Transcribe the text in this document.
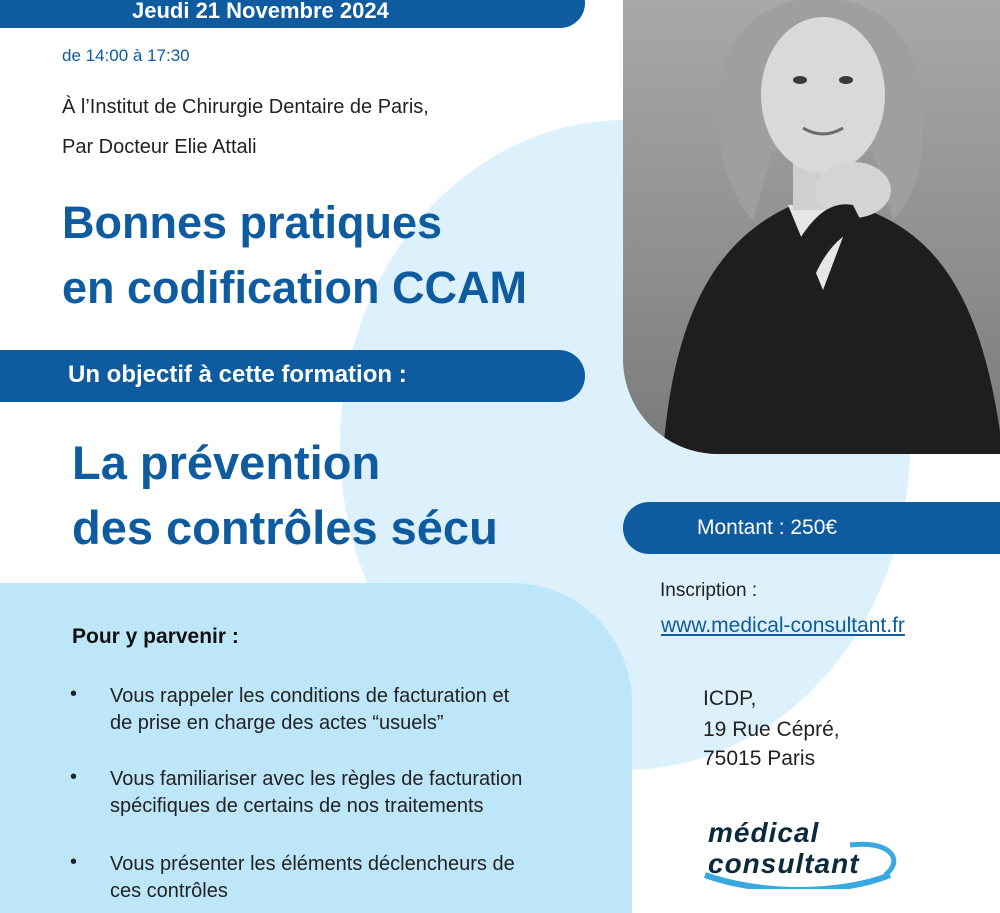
Jeudi 21 Novembre 2024
de 14:00 à 17:30
À l’Institut de Chirurgie Dentaire de Paris,
Par Docteur Elie Attali
Bonnes pratiques
en codification CCAM
Un objectif à cette formation :
La prévention
des contrôles sécu	Montant : 250€
Inscription :
www.medical-consultant.fr
ICDP,
19 Rue Cépré,
75015 Paris
Pour y parvenir :
• Vous rappeler les conditions de facturation et
de prise en charge des actes “usuels”
• Vous familiariser avec les règles de facturation
spécifiques de certains de nos traitements
• Vous présenter les éléments déclencheurs de
ces contrôles
médical
consultant
